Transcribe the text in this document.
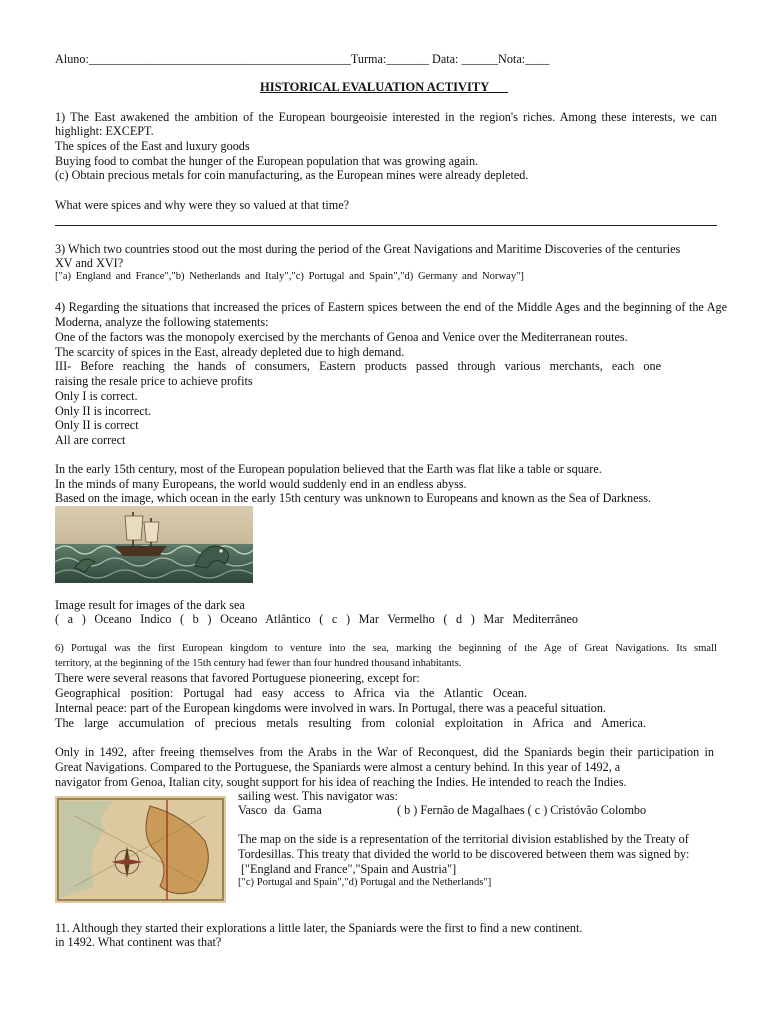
Aluno:___________________________________________Turma:_______ Data: ______Nota:____
HISTORICAL EVALUATION ACTIVITY___
1) The East awakened the ambition of the European bourgeoisie interested in the region's riches. Among these interests, we can
highlight: EXCEPT.
The spices of the East and luxury goods
Buying food to combat the hunger of the European population that was growing again.
(c) Obtain precious metals for coin manufacturing, as the European mines were already depleted.
What were spices and why were they so valued at that time?
3) Which two countries stood out the most during the period of the Great Navigations and Maritime Discoveries of the centuries
XV and XVI?
["a) England and France","b) Netherlands and Italy","c) Portugal and Spain","d) Germany and Norway"]
4) Regarding the situations that increased the prices of Eastern spices between the end of the Middle Ages and the beginning of the Age
Moderna, analyze the following statements:
One of the factors was the monopoly exercised by the merchants of Genoa and Venice over the Mediterranean routes.
The scarcity of spices in the East, already depleted due to high demand.
III- Before reaching the hands of consumers, Eastern products passed through various merchants, each one
raising the resale price to achieve profits
Only I is correct.
Only II is incorrect.
Only II is correct
All are correct
In the early 15th century, most of the European population believed that the Earth was flat like a table or square.
In the minds of many Europeans, the world would suddenly end in an endless abyss.
Based on the image, which ocean in the early 15th century was unknown to Europeans and known as the Sea of Darkness.
Image result for images of the dark sea
( a ) Oceano Indico ( b ) Oceano Atlântico ( c ) Mar Vermelho ( d ) Mar Mediterrâneo
6) Portugal was the first European kingdom to venture into the sea, marking the beginning of the Age of Great Navigations. Its small
territory, at the beginning of the 15th century had fewer than four hundred thousand inhabitants.
There were several reasons that favored Portuguese pioneering, except for:
Geographical position: Portugal had easy access to Africa via the Atlantic Ocean.
Internal peace: part of the European kingdoms were involved in wars. In Portugal, there was a peaceful situation.
The large accumulation of precious metals resulting from colonial exploitation in Africa and America.
Only in 1492, after freeing themselves from the Arabs in the War of Reconquest, did the Spaniards begin their participation in
Great Navigations. Compared to the Portuguese, the Spaniards were almost a century behind. In this year of 1492, a
navigator from Genoa, Italian city, sought support for his idea of reaching the Indies. He intended to reach the Indies.
sailing west. This navigator was:
Vasco da Gama	( b ) Fernão de Magalhaes ( c ) Cristóvão Colombo
The map on the side is a representation of the territorial division established by the Treaty of
Tordesillas. This treaty that divided the world to be discovered between them was signed by:
["England and France","Spain and Austria"]
["c) Portugal and Spain","d) Portugal and the Netherlands"]
11. Although they started their explorations a little later, the Spaniards were the first to find a new continent.
in 1492. What continent was that?
